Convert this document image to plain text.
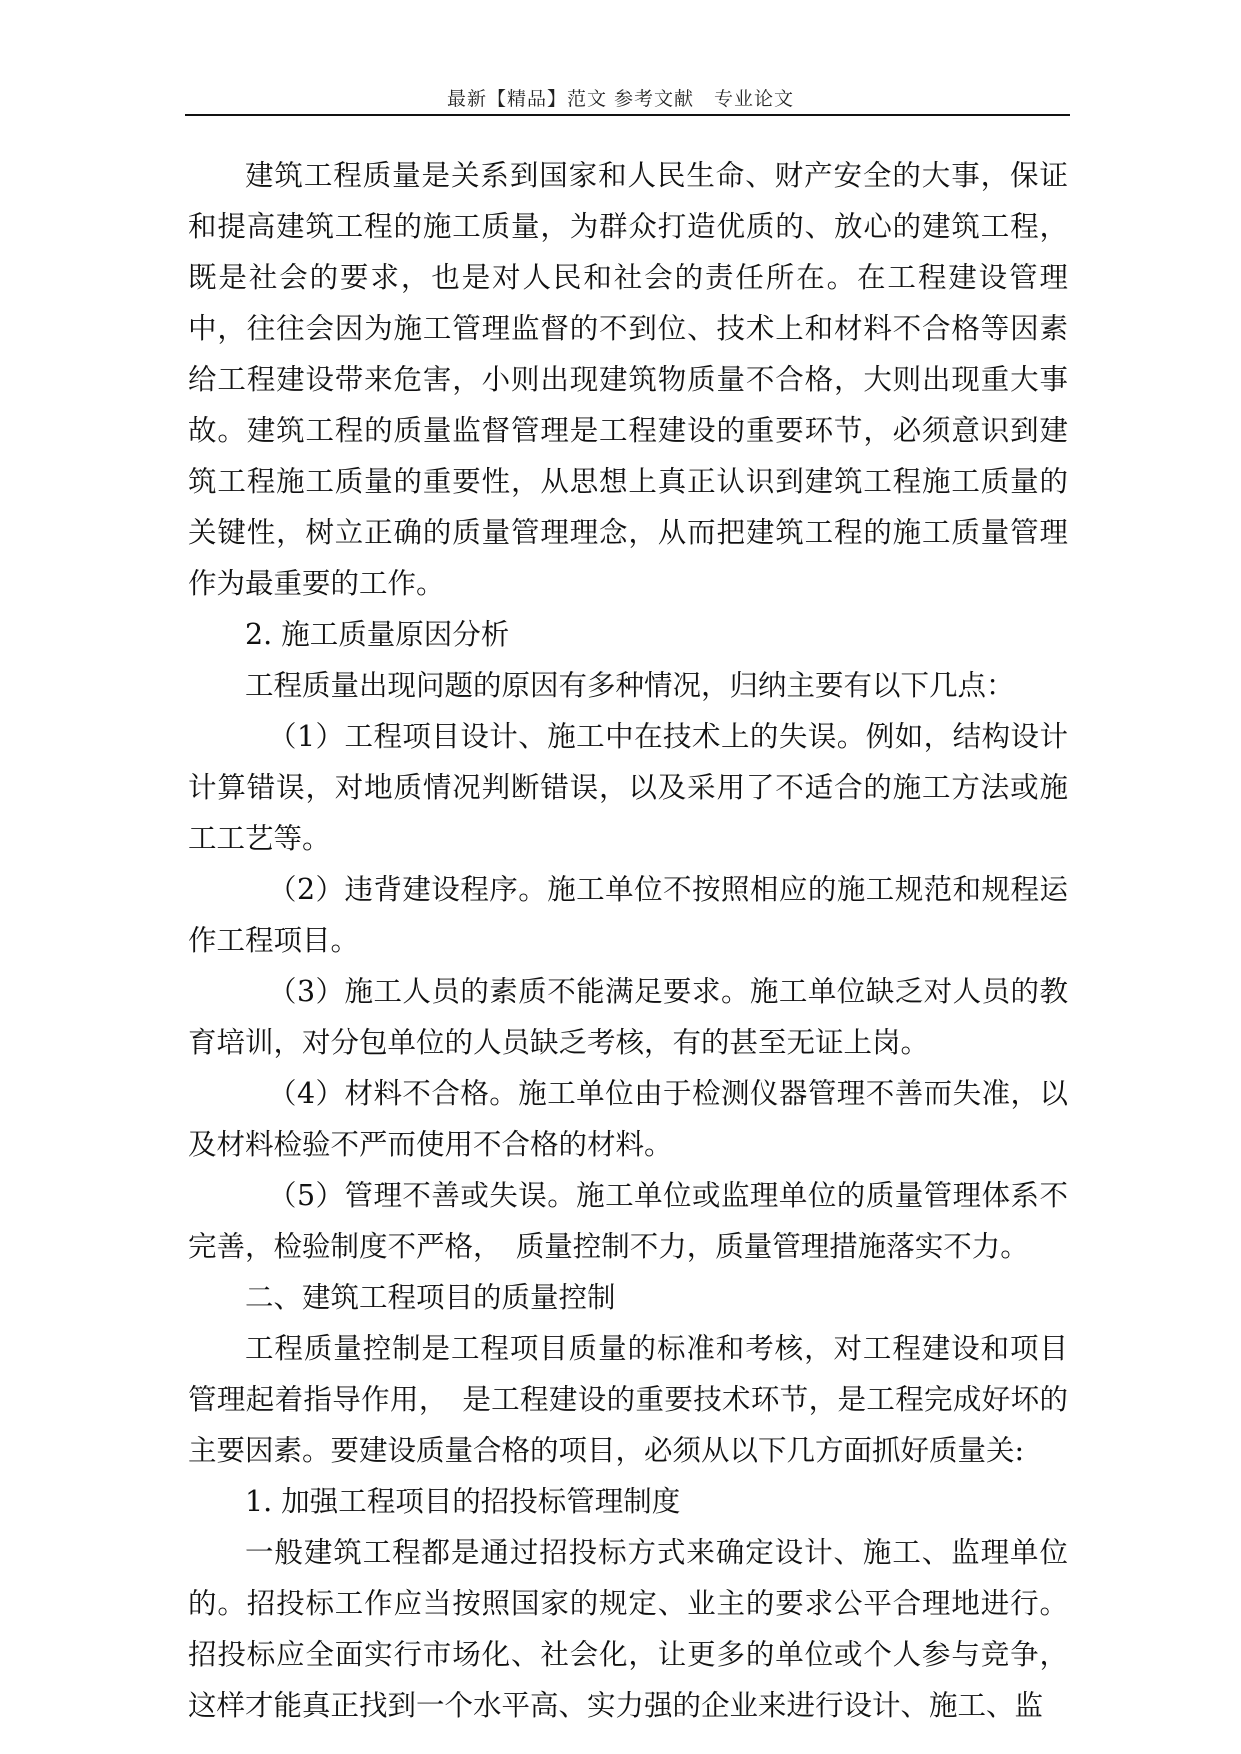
最新【精品】范文 参考文献　专业论文

建筑工程质量是关系到国家和人民生命、财产安全的大事，保证和提高建筑工程的施工质量，为群众打造优质的、放心的建筑工程，既是社会的要求，也是对人民和社会的责任所在。在工程建设管理中，往往会因为施工管理监督的不到位、技术上和材料不合格等因素给工程建设带来危害，小则出现建筑物质量不合格，大则出现重大事故。建筑工程的质量监督管理是工程建设的重要环节，必须意识到建筑工程施工质量的重要性，从思想上真正认识到建筑工程施工质量的关键性，树立正确的质量管理理念，从而把建筑工程的施工质量管理作为最重要的工作。

2. 施工质量原因分析

工程质量出现问题的原因有多种情况，归纳主要有以下几点：

（1）工程项目设计、施工中在技术上的失误。例如，结构设计计算错误，对地质情况判断错误，以及采用了不适合的施工方法或施工工艺等。

（2）违背建设程序。施工单位不按照相应的施工规范和规程运作工程项目。

（3）施工人员的素质不能满足要求。施工单位缺乏对人员的教育培训，对分包单位的人员缺乏考核，有的甚至无证上岗。

（4）材料不合格。施工单位由于检测仪器管理不善而失准，以及材料检验不严而使用不合格的材料。

（5）管理不善或失误。施工单位或监理单位的质量管理体系不完善，检验制度不严格，　质量控制不力，质量管理措施落实不力。

二、建筑工程项目的质量控制

工程质量控制是工程项目质量的标准和考核，对工程建设和项目管理起着指导作用，　是工程建设的重要技术环节，是工程完成好坏的主要因素。要建设质量合格的项目，必须从以下几方面抓好质量关:

1. 加强工程项目的招投标管理制度

一般建筑工程都是通过招投标方式来确定设计、施工、监理单位的。招投标工作应当按照国家的规定、业主的要求公平合理地进行。招投标应全面实行市场化、社会化，让更多的单位或个人参与竞争，这样才能真正找到一个水平高、实力强的企业来进行设计、施工、监
